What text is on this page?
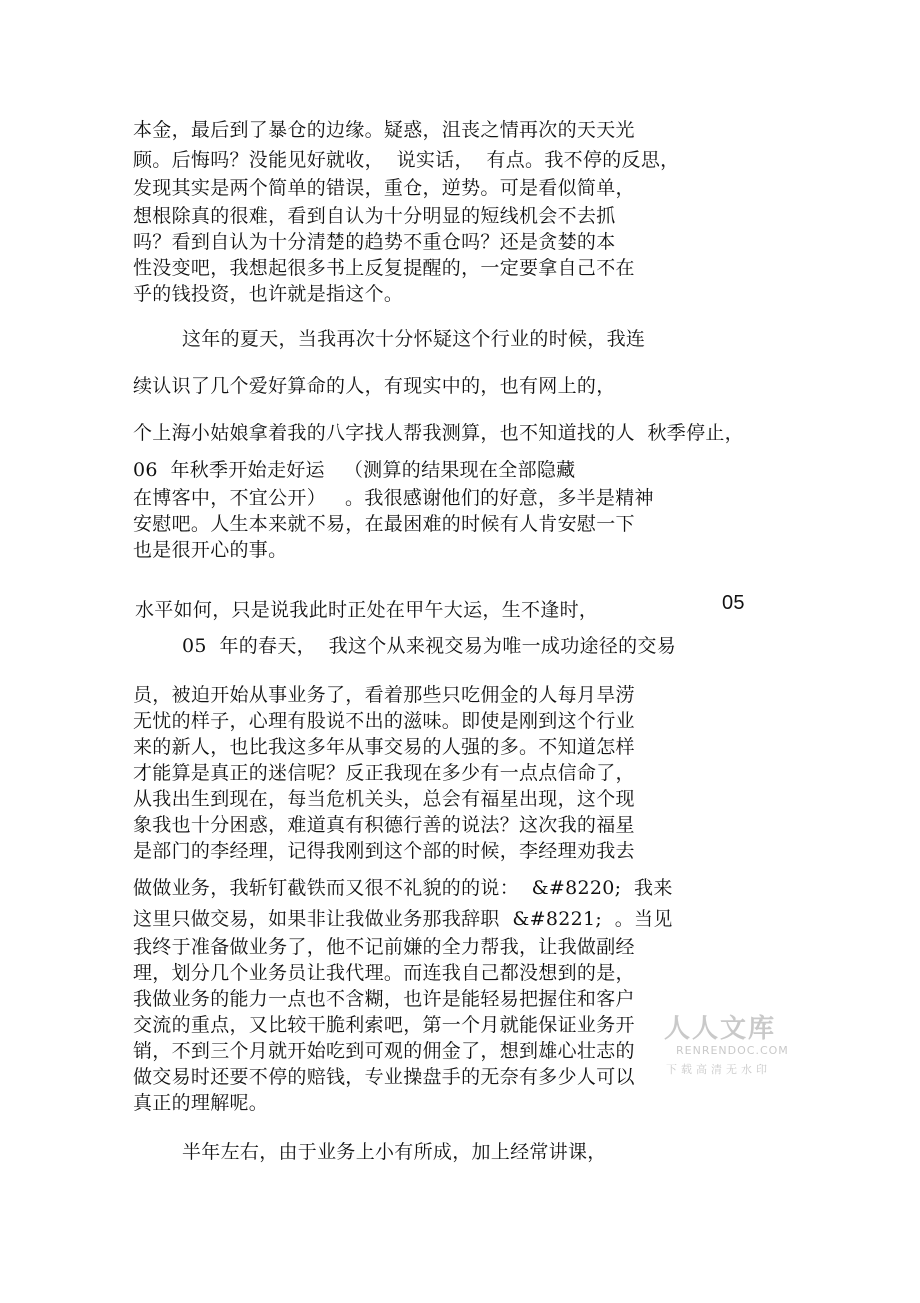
本金，最后到了暴仓的边缘。疑惑，沮丧之情再次的天天光
顾。后悔吗？没能见好就收，  说实话，  有点。我不停的反思，
发现其实是两个简单的错误，重仓，逆势。可是看似简单，
想根除真的很难，看到自认为十分明显的短线机会不去抓
吗？看到自认为十分清楚的趋势不重仓吗？还是贪婪的本
性没变吧，我想起很多书上反复提醒的，一定要拿自己不在
乎的钱投资，也许就是指这个。
这年的夏天，当我再次十分怀疑这个行业的时候，我连
续认识了几个爱好算命的人，有现实中的，也有网上的，
个上海小姑娘拿着我的八字找人帮我测算，也不知道找的人  秋季停止，
06  年秋季开始走好运   （测算的结果现在全部隐藏
在博客中，不宜公开）   。我很感谢他们的好意，多半是精神
安慰吧。人生本来就不易，在最困难的时候有人肯安慰一下
也是很开心的事。
水平如何，只是说我此时正处在甲午大运，生不逢时，	05
05  年的春天，  我这个从来视交易为唯一成功途径的交易
员，被迫开始从事业务了，看着那些只吃佣金的人每月旱涝
无忧的样子，心理有股说不出的滋味。即使是刚到这个行业
来的新人，也比我这多年从事交易的人强的多。不知道怎样
才能算是真正的迷信呢？反正我现在多少有一点点信命了，
从我出生到现在，每当危机关头，总会有福星出现，这个现
象我也十分困惑，难道真有积德行善的说法？这次我的福星
是部门的李经理，记得我刚到这个部的时候，李经理劝我去
做做业务，我斩钉截铁而又很不礼貌的的说：  &#8220;  我来
这里只做交易，如果非让我做业务那我辞职  &#8221;  。当见
我终于准备做业务了，他不记前嫌的全力帮我，让我做副经
理，划分几个业务员让我代理。而连我自己都没想到的是，
我做业务的能力一点也不含糊，也许是能轻易把握住和客户
交流的重点，又比较干脆利索吧，第一个月就能保证业务开
销，不到三个月就开始吃到可观的佣金了，想到雄心壮志的
做交易时还要不停的赔钱，专业操盘手的无奈有多少人可以
真正的理解呢。
半年左右，由于业务上小有所成，加上经常讲课，
人人文库
RENRENDOC.COM
下载高清无水印
